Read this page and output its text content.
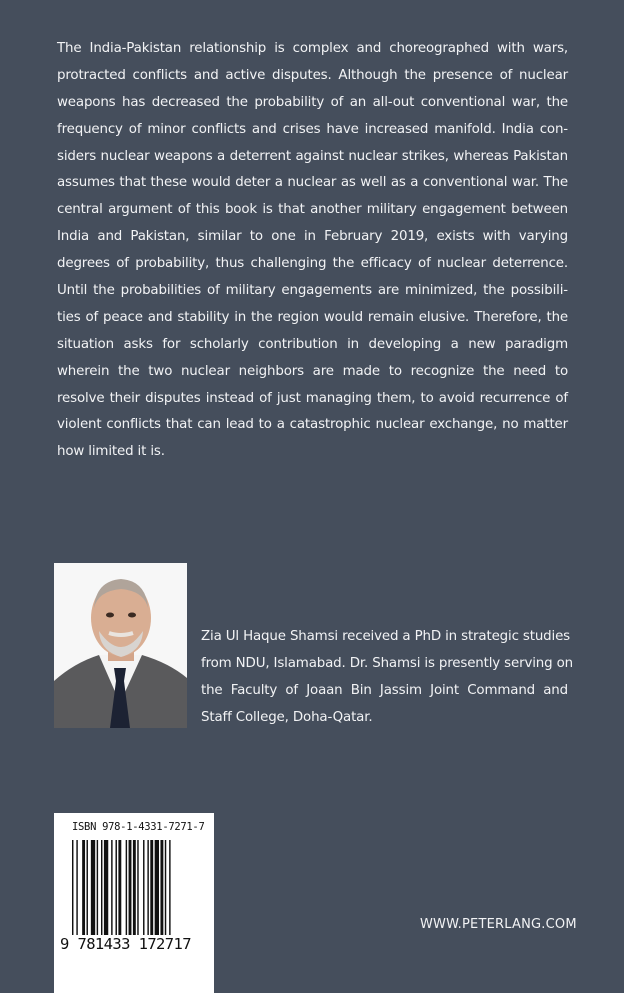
The India-Pakistan relationship is complex and choreographed with wars,
protracted conflicts and active disputes. Although the presence of nuclear
weapons has decreased the probability of an all-out conventional war, the
frequency of minor conflicts and crises have increased manifold. India con-
siders nuclear weapons a deterrent against nuclear strikes, whereas Pakistan
assumes that these would deter a nuclear as well as a conventional war. The
central argument of this book is that another military engagement between
India and Pakistan, similar to one in February 2019, exists with varying
degrees of probability, thus challenging the efficacy of nuclear deterrence.
Until the probabilities of military engagements are minimized, the possibili-
ties of peace and stability in the region would remain elusive. Therefore, the
situation asks for scholarly contribution in developing a new paradigm
wherein the two nuclear neighbors are made to recognize the need to
resolve their disputes instead of just managing them, to avoid recurrence of
violent conflicts that can lead to a catastrophic nuclear exchange, no matter
how limited it is.
Zia Ul Haque Shamsi received a PhD in strategic studies
from NDU, Islamabad. Dr. Shamsi is presently serving on
the Faculty of Joaan Bin Jassim Joint Command and
Staff College, Doha-Qatar.
ISBN 978-1-4331-7271-7
9 781433 172717
WWW.PETERLANG.COM
